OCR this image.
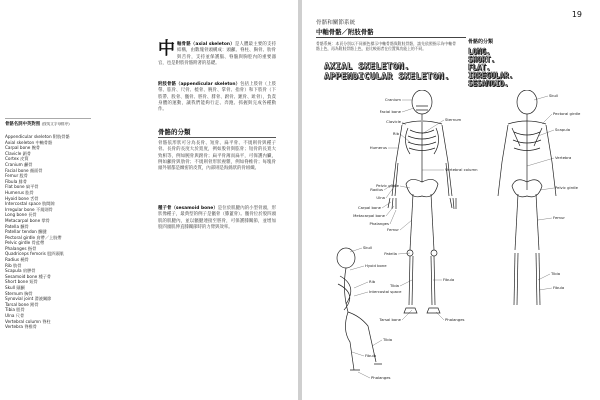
骨骼名詞中英對照 (按英文字母排序)
Appendicular skeleton 附肢骨骼
Axial skeleton 中軸骨骼
Carpal bone 腕骨
Clavicle 鎖骨
Cortex 皮質
Cranium 顱骨
Facial bone 顏面骨
Femur 股骨
Fibula 腓骨
Flat bone 扁平骨
Humerus 肱骨
Hyoid bone 舌骨
Intercostal space 肋間隙
Irregular bone 不規則骨
Long bone 長骨
Metacarpal bone 掌骨
Patella 髕骨
Patellar tendon 髕腱
Pectoral girdle 肩帶／上肢帶
Pelvic girdle 骨盆帶
Phalanges 指骨
Quadriceps femoris 股四頭肌
Radius 橈骨
Rib 肋骨
Scapula 肩胛骨
Sesamoid bone 種子骨
Short bone 短骨
Skull 頭顱
Sternum 胸骨
Synovial joint 滑液關節
Tarsal bone 跗骨
Tibia 脛骨
Ulna 尺骨
Vertebral column 脊柱
Vertebra 脊椎骨
中 軸骨骼（axial skeleton）是人體最主要的支持結構，由數塊骨頭構成：頭顱、脊柱、胸骨、肋骨與舌骨，支持並保護腦、脊髓與胸腔內的重要器官，也是附肢骨骼附著的基礎。

附肢骨骼（appendicular skeleton）包括上肢骨（上肢帶、肱骨、尺骨、橈骨、腕骨、掌骨、指骨）和下肢骨（下肢帶、股骨、髕骨、脛骨、腓骨、跗骨、蹠骨、趾骨），負責身體的運動，讓我們能夠行走、奔跑、抓握與完成各種動作。

骨骼的分類

骨骼依形狀可分為長骨、短骨、扁平骨、不規則骨與種子骨。長骨的長度大於寬度，例如股骨與肱骨；短骨的長寬大致相等，例如腕骨與跗骨；扁平骨薄而扁平，可保護內臟，例如顱骨與肋骨；不規則骨形狀複雜，例如脊椎骨；每塊骨頭外層都是緻密的皮質，內部則是海綿狀的骨組織。

種子骨（sesamoid bone）是位於肌腱內的小型骨頭，形狀像種子，最典型的例子是髕骨（膝蓋骨）。髕骨位於股四頭肌的肌腱內，並以髕腱連接至脛骨，可保護膝關節，並增加股四頭肌伸直膝關節時的力臂與效率。

19
骨骼和關節系統
中軸骨骼／附肢骨骼

骨骼系統：本頁分別以不同顏色標示中軸骨骼與附肢骨骼，請先依照指示為中軸骨骼上色，再為附肢骨骼上色，並比較兩者在位置與功能上的不同。

骨骼的分類
LONG.
SHORT.
FLAT.
IRREGULAR.
SESAMOID.
AXIAL SKELETON.
APPENDICULAR SKELETON.
Cranium
Facial bone
Clavicle	Sternum
Rib
Humerus
Vertebral column
Pelvic girdle
Radius
Ulna
Carpal bone
Metacarpal bone
Phalanges
Femur
Patella
Tibia
Fibula
Tarsal bone	Phalanges
Skull
Pectoral girdle
Scapula
Vertebra
Pelvic girdle
Femur
Tibia
Fibula
Skull
Hyoid bone
Rib
Intercostal space
Tibia
Fibula
Phalanges
